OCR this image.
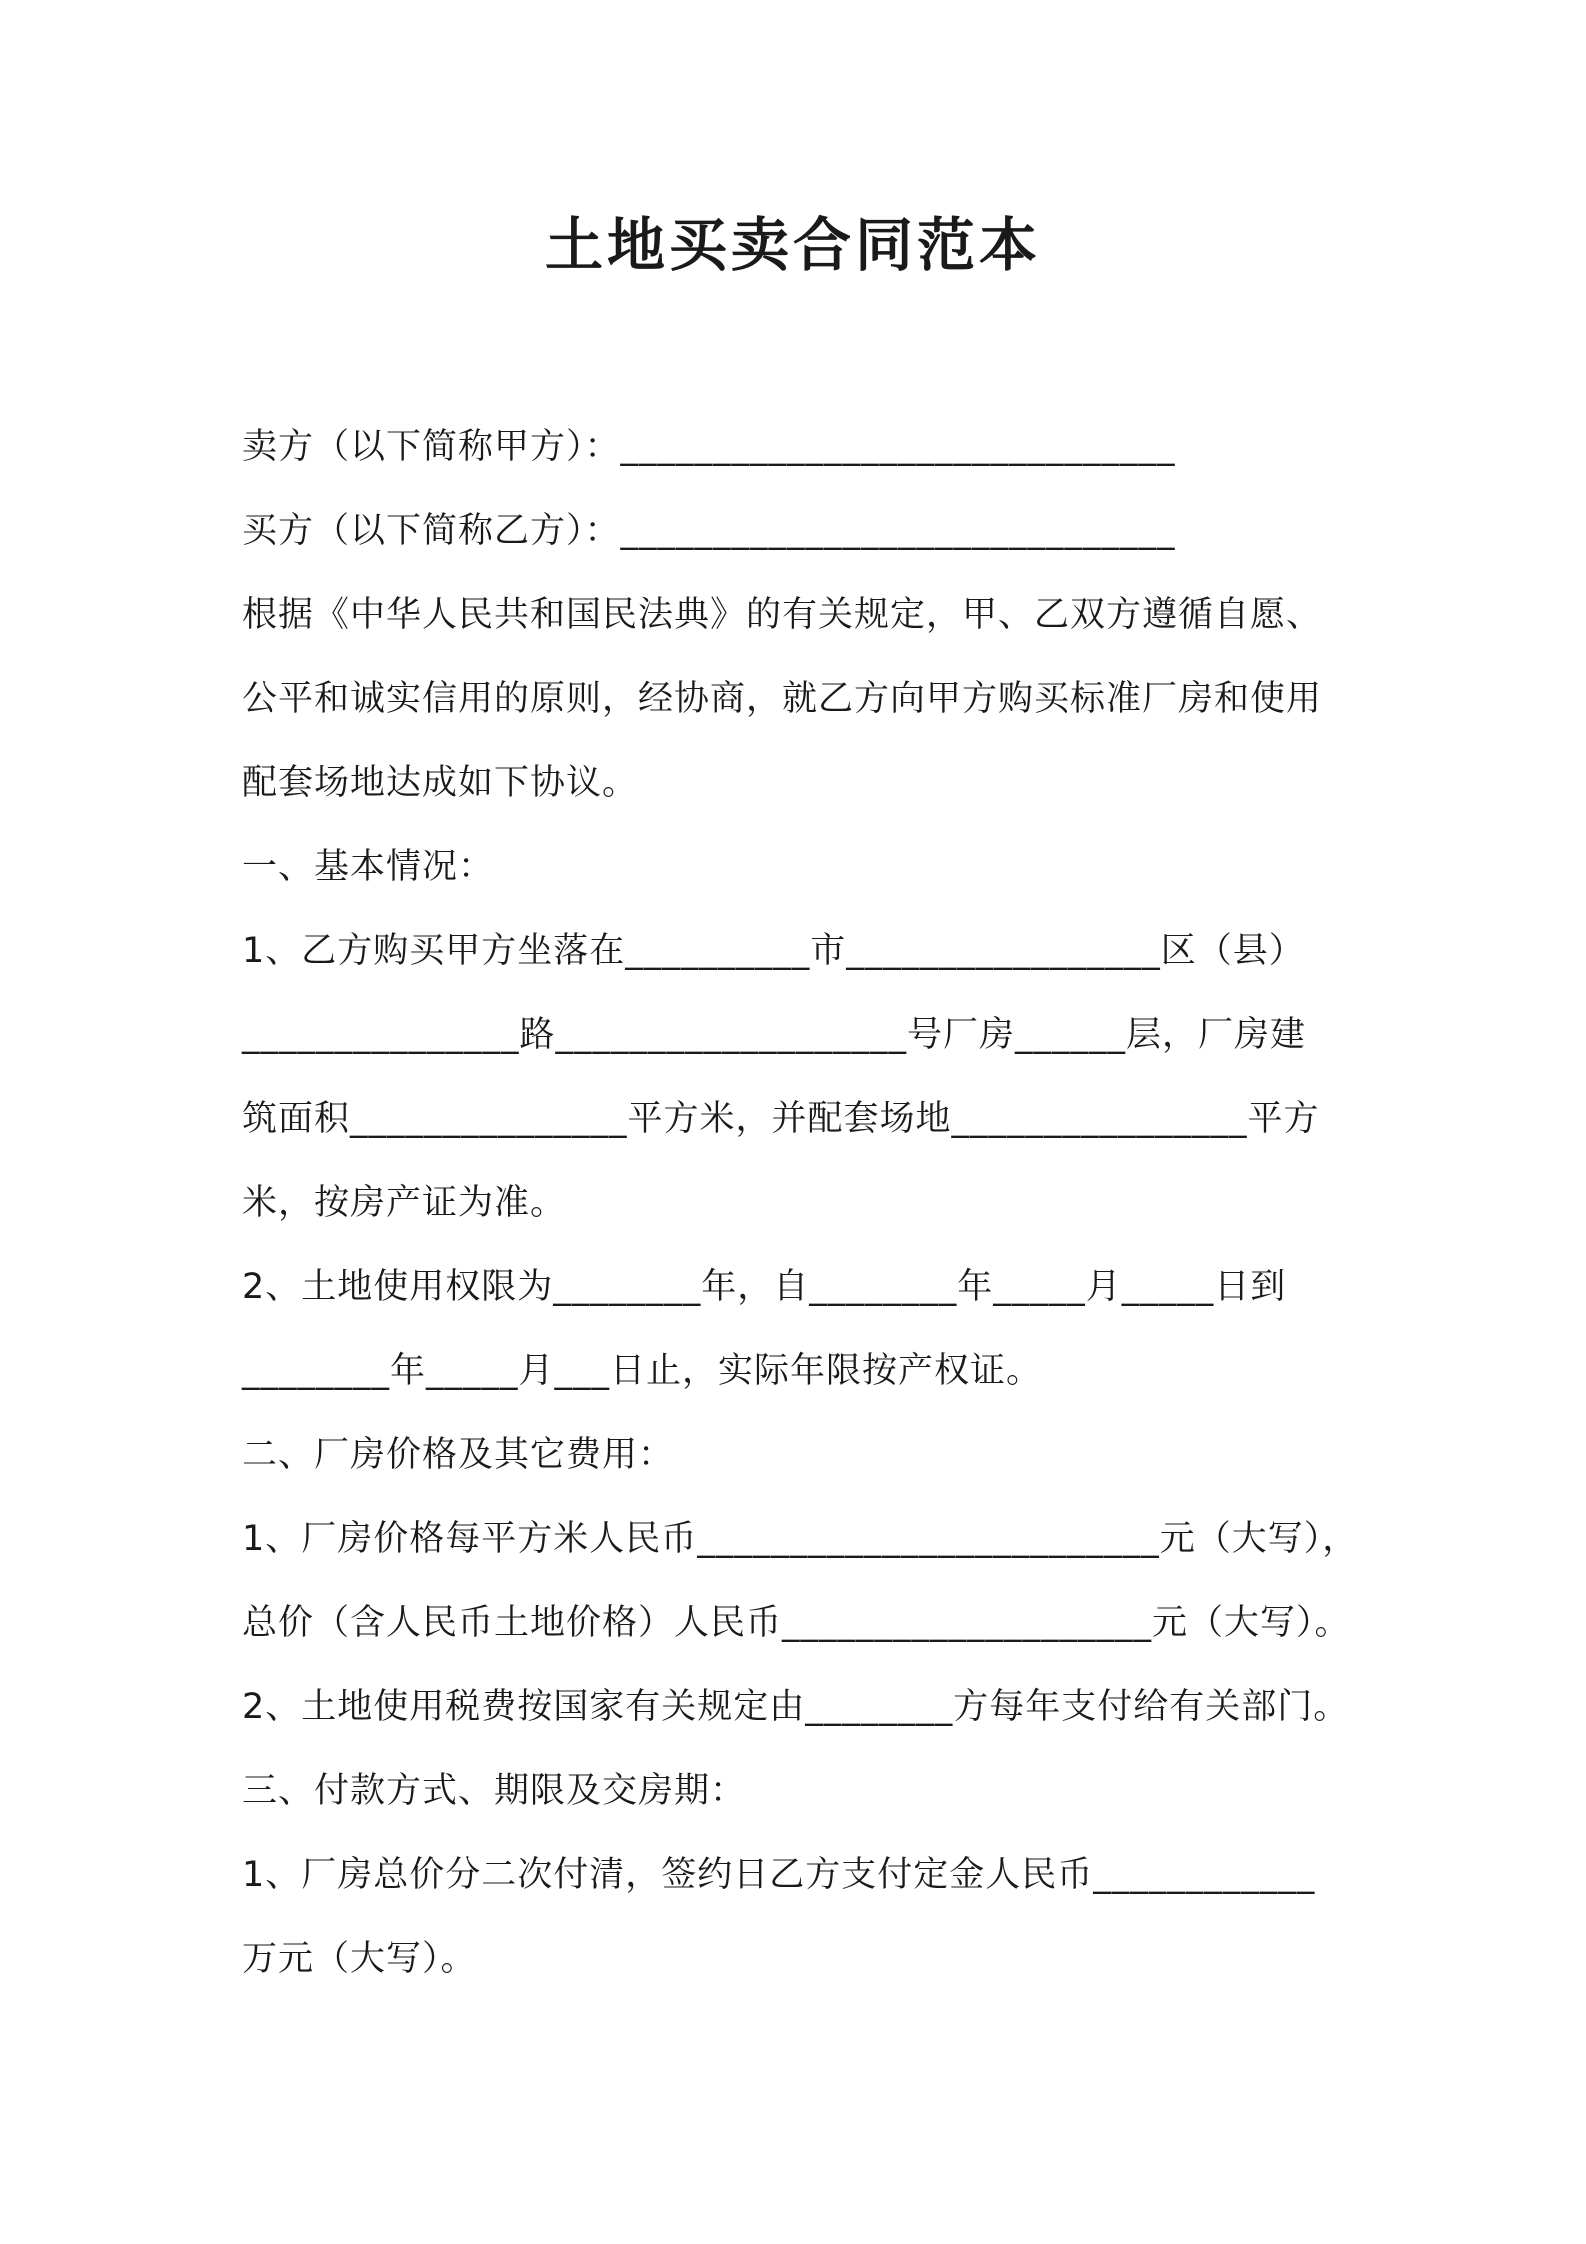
土地买卖合同范本
卖方（以下简称甲方）：______________________________
买方（以下简称乙方）：______________________________
根据《中华人民共和国民法典》的有关规定，甲、乙双方遵循自愿、
公平和诚实信用的原则，经协商，就乙方向甲方购买标准厂房和使用
配套场地达成如下协议。
一、基本情况：
1、乙方购买甲方坐落在__________市_________________区（县）
_______________路___________________号厂房______层，厂房建
筑面积_______________平方米，并配套场地________________平方
米，按房产证为准。
2、土地使用权限为________年，自________年_____月_____日到
________年_____月___日止，实际年限按产权证。
二、厂房价格及其它费用：
1、厂房价格每平方米人民币_________________________元（大写），
总价（含人民币土地价格）人民币____________________元（大写）。
2、土地使用税费按国家有关规定由________方每年支付给有关部门。
三、付款方式、期限及交房期：
1、厂房总价分二次付清，签约日乙方支付定金人民币____________
万元（大写）。
